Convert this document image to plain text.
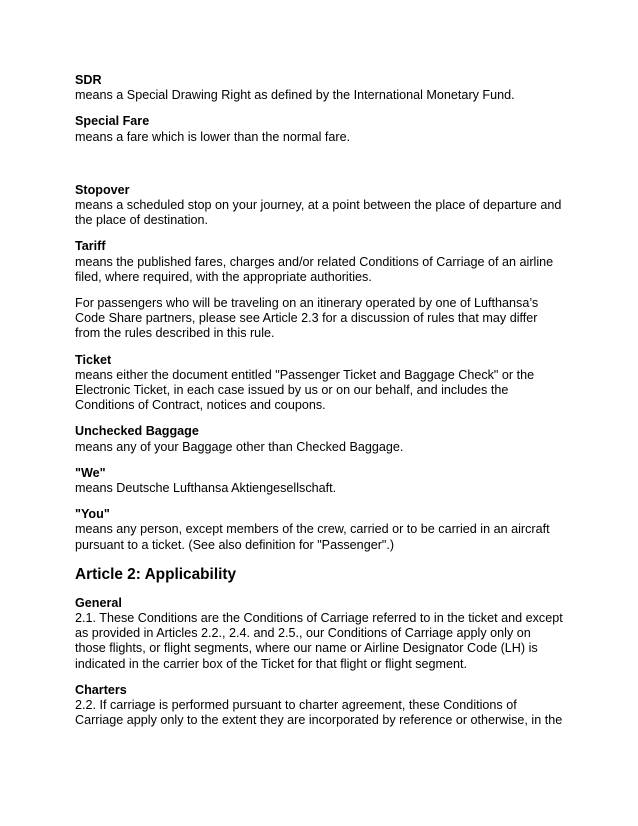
SDR
means a Special Drawing Right as defined by the International Monetary Fund.
Special Fare
means a fare which is lower than the normal fare.
Stopover
means a scheduled stop on your journey, at a point between the place of departure and the place of destination.
Tariff
means the published fares, charges and/or related Conditions of Carriage of an airline filed, where required, with the appropriate authorities.
For passengers who will be traveling on an itinerary operated by one of Lufthansa’s Code Share partners, please see Article 2.3 for a discussion of rules that may differ from the rules described in this rule.
Ticket
means either the document entitled "Passenger Ticket and Baggage Check" or the Electronic Ticket, in each case issued by us or on our behalf, and includes the Conditions of Contract, notices and coupons.
Unchecked Baggage
means any of your Baggage other than Checked Baggage.
"We"
means Deutsche Lufthansa Aktiengesellschaft.
"You"
means any person, except members of the crew, carried or to be carried in an aircraft pursuant to a ticket. (See also definition for "Passenger".)
Article 2: Applicability
General
2.1. These Conditions are the Conditions of Carriage referred to in the ticket and except as provided in Articles 2.2., 2.4. and 2.5., our Conditions of Carriage apply only on those flights, or flight segments, where our name or Airline Designator Code (LH) is indicated in the carrier box of the Ticket for that flight or flight segment.
Charters
2.2. If carriage is performed pursuant to charter agreement, these Conditions of Carriage apply only to the extent they are incorporated by reference or otherwise, in the
